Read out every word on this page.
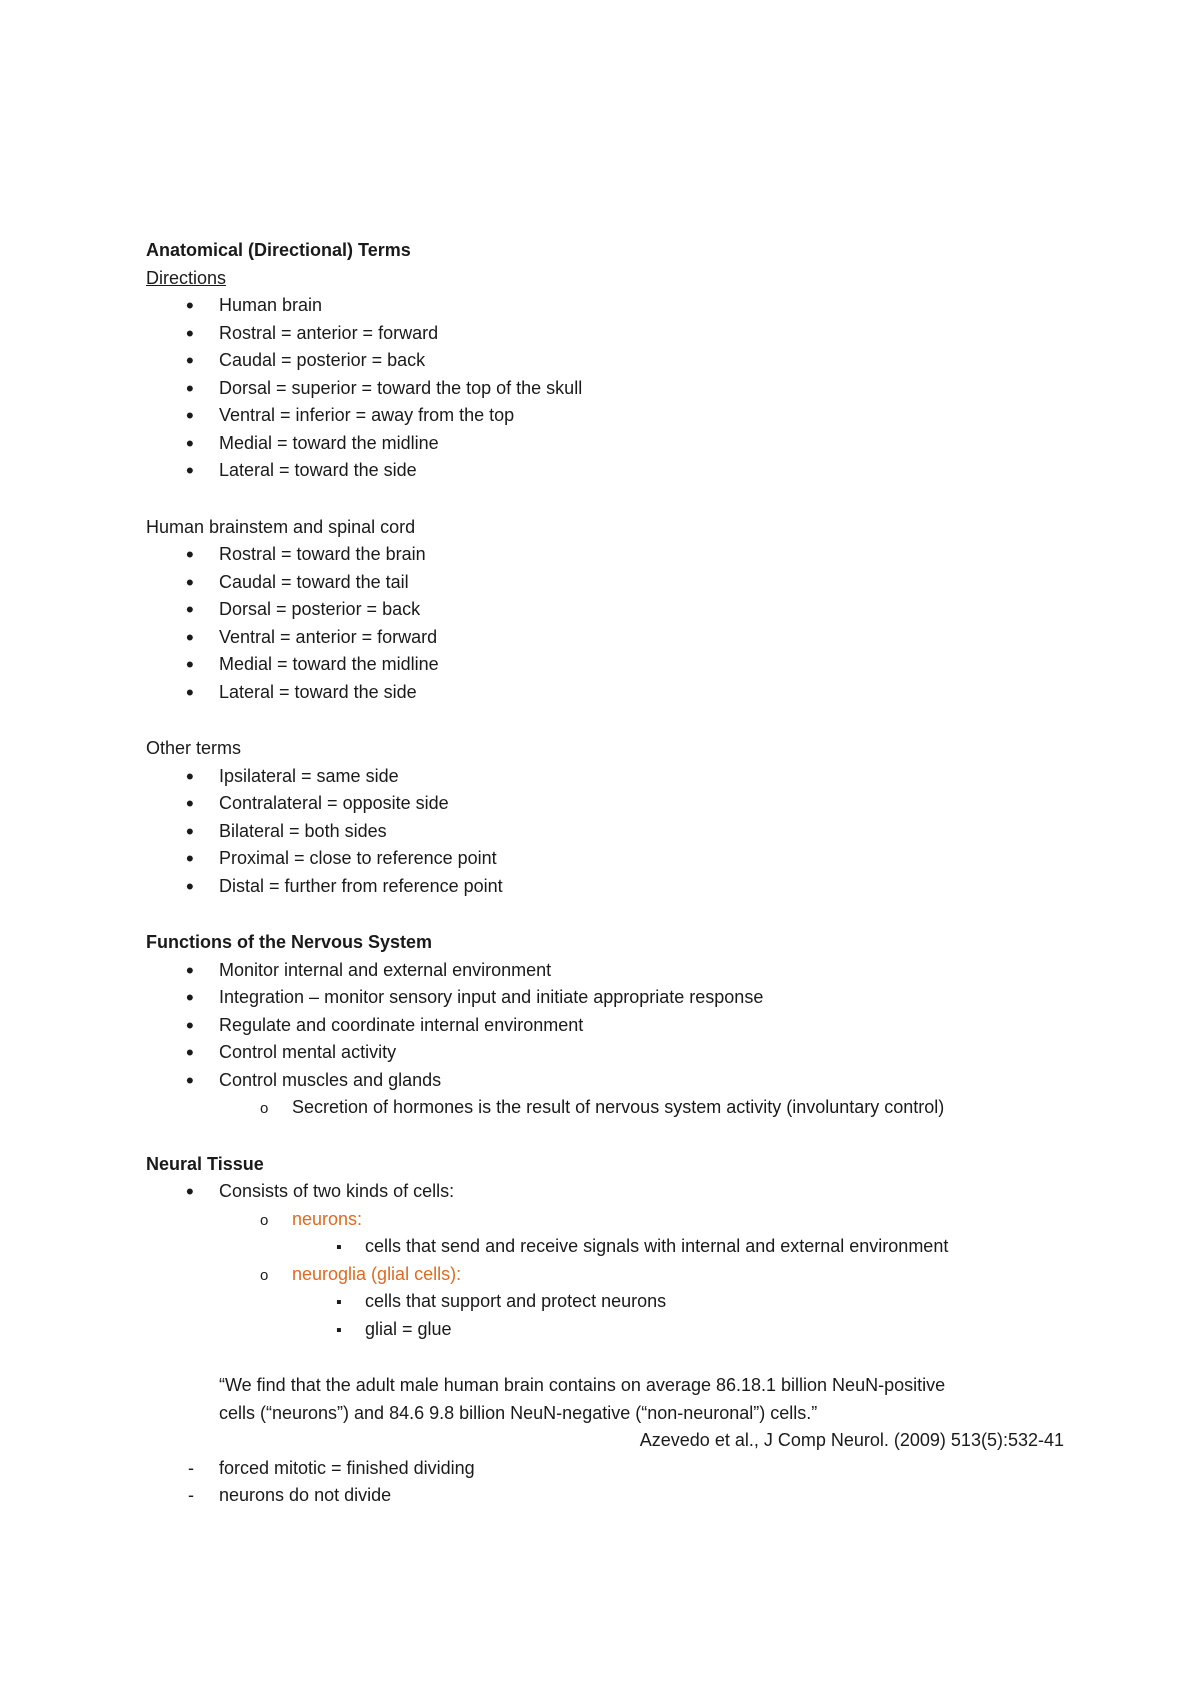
Anatomical (Directional) Terms
Directions
•
Human brain
•
Rostral = anterior = forward
•
Caudal = posterior = back
•
Dorsal = superior = toward the top of the skull
•
Ventral = inferior = away from the top
•
Medial = toward the midline
•
Lateral = toward the side
Human brainstem and spinal cord
•
Rostral = toward the brain
•
Caudal = toward the tail
•
Dorsal = posterior = back
•
Ventral = anterior = forward
•
Medial = toward the midline
•
Lateral = toward the side
Other terms
•
Ipsilateral = same side
•
Contralateral = opposite side
•
Bilateral = both sides
•
Proximal = close to reference point
•
Distal = further from reference point
Functions of the Nervous System
•
Monitor internal and external environment
•
Integration – monitor sensory input and initiate appropriate response
•
Regulate and coordinate internal environment
•
Control mental activity
•
Control muscles and glands
o
Secretion of hormones is the result of nervous system activity (involuntary control)
Neural Tissue
•
Consists of two kinds of cells:
o
neurons:
▪
cells that send and receive signals with internal and external environment
o
neuroglia (glial cells):
▪
cells that support and protect neurons
▪
glial = glue
“We find that the adult male human brain contains on average 86.18.1 billion NeuN-positive
cells (“neurons”) and 84.6 9.8 billion NeuN-negative (“non-neuronal”) cells.”
Azevedo et al., J Comp Neurol. (2009) 513(5):532-41
-
forced mitotic = finished dividing
-
neurons do not divide
